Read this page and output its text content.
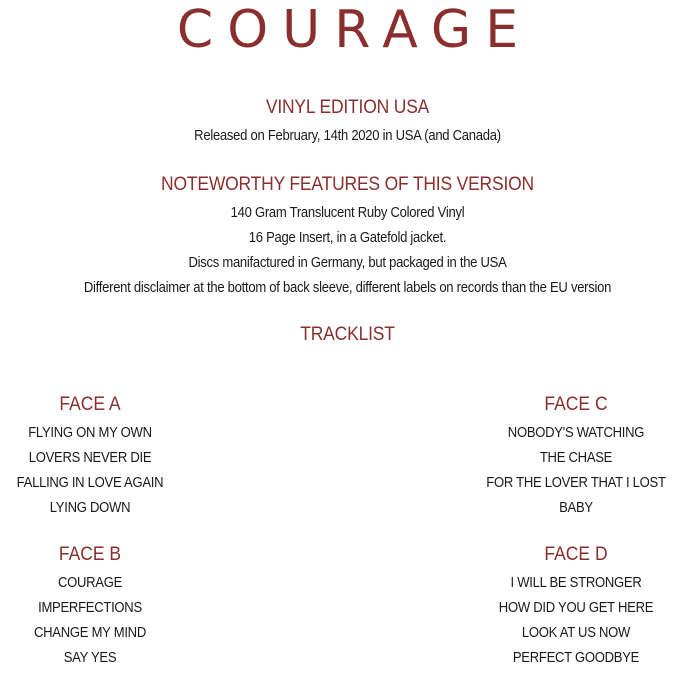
COURAGE
VINYL EDITION USA
Released on February, 14th 2020 in USA (and Canada)
NOTEWORTHY FEATURES OF THIS VERSION
140 Gram Translucent Ruby Colored Vinyl
16 Page Insert, in a Gatefold jacket.
Discs manifactured in Germany, but packaged in the USA
Different disclaimer at the bottom of back sleeve, different labels on records than the EU version
TRACKLIST
FACE A
FLYING ON MY OWN
LOVERS NEVER DIE
FALLING IN LOVE AGAIN
LYING DOWN
FACE B
COURAGE
IMPERFECTIONS
CHANGE MY MIND
SAY YES
FACE C
NOBODY'S WATCHING
THE CHASE
FOR THE LOVER THAT I LOST
BABY
FACE D
I WILL BE STRONGER
HOW DID YOU GET HERE
LOOK AT US NOW
PERFECT GOODBYE
